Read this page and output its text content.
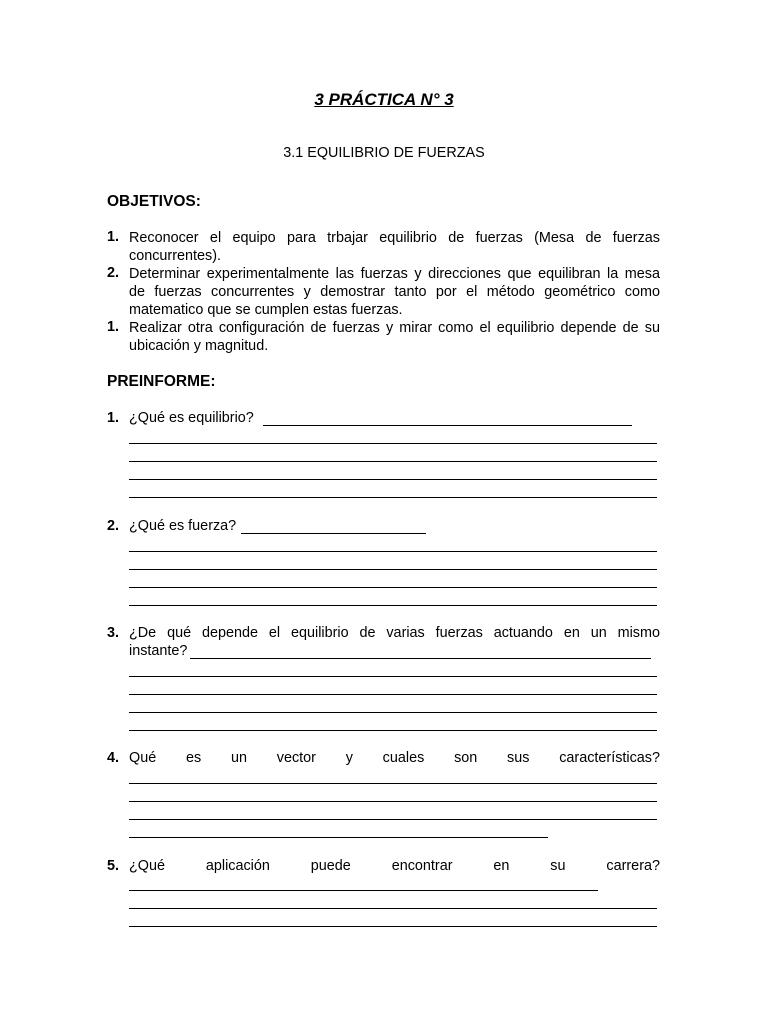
3 PRÁCTICA N° 3
3.1 EQUILIBRIO DE FUERZAS
OBJETIVOS:
1. Reconocer el equipo para trbajar equilibrio de fuerzas (Mesa de fuerzas
concurrentes).
2. Determinar experimentalmente las fuerzas y direcciones que equilibran la mesa
de fuerzas concurrentes y demostrar tanto por el método geométrico como
matematico que se cumplen estas fuerzas.
1. Realizar otra configuración de fuerzas y mirar como el equilibrio depende de su
ubicación y magnitud.
PREINFORME:
1. ¿Qué es equilibrio?
2. ¿Qué es fuerza?
3. ¿De qué depende el equilibrio de varias fuerzas actuando en un mismo
instante?
4. Qué es un vector y cuales son sus características?
5. ¿Qué aplicación puede encontrar en su carrera?
